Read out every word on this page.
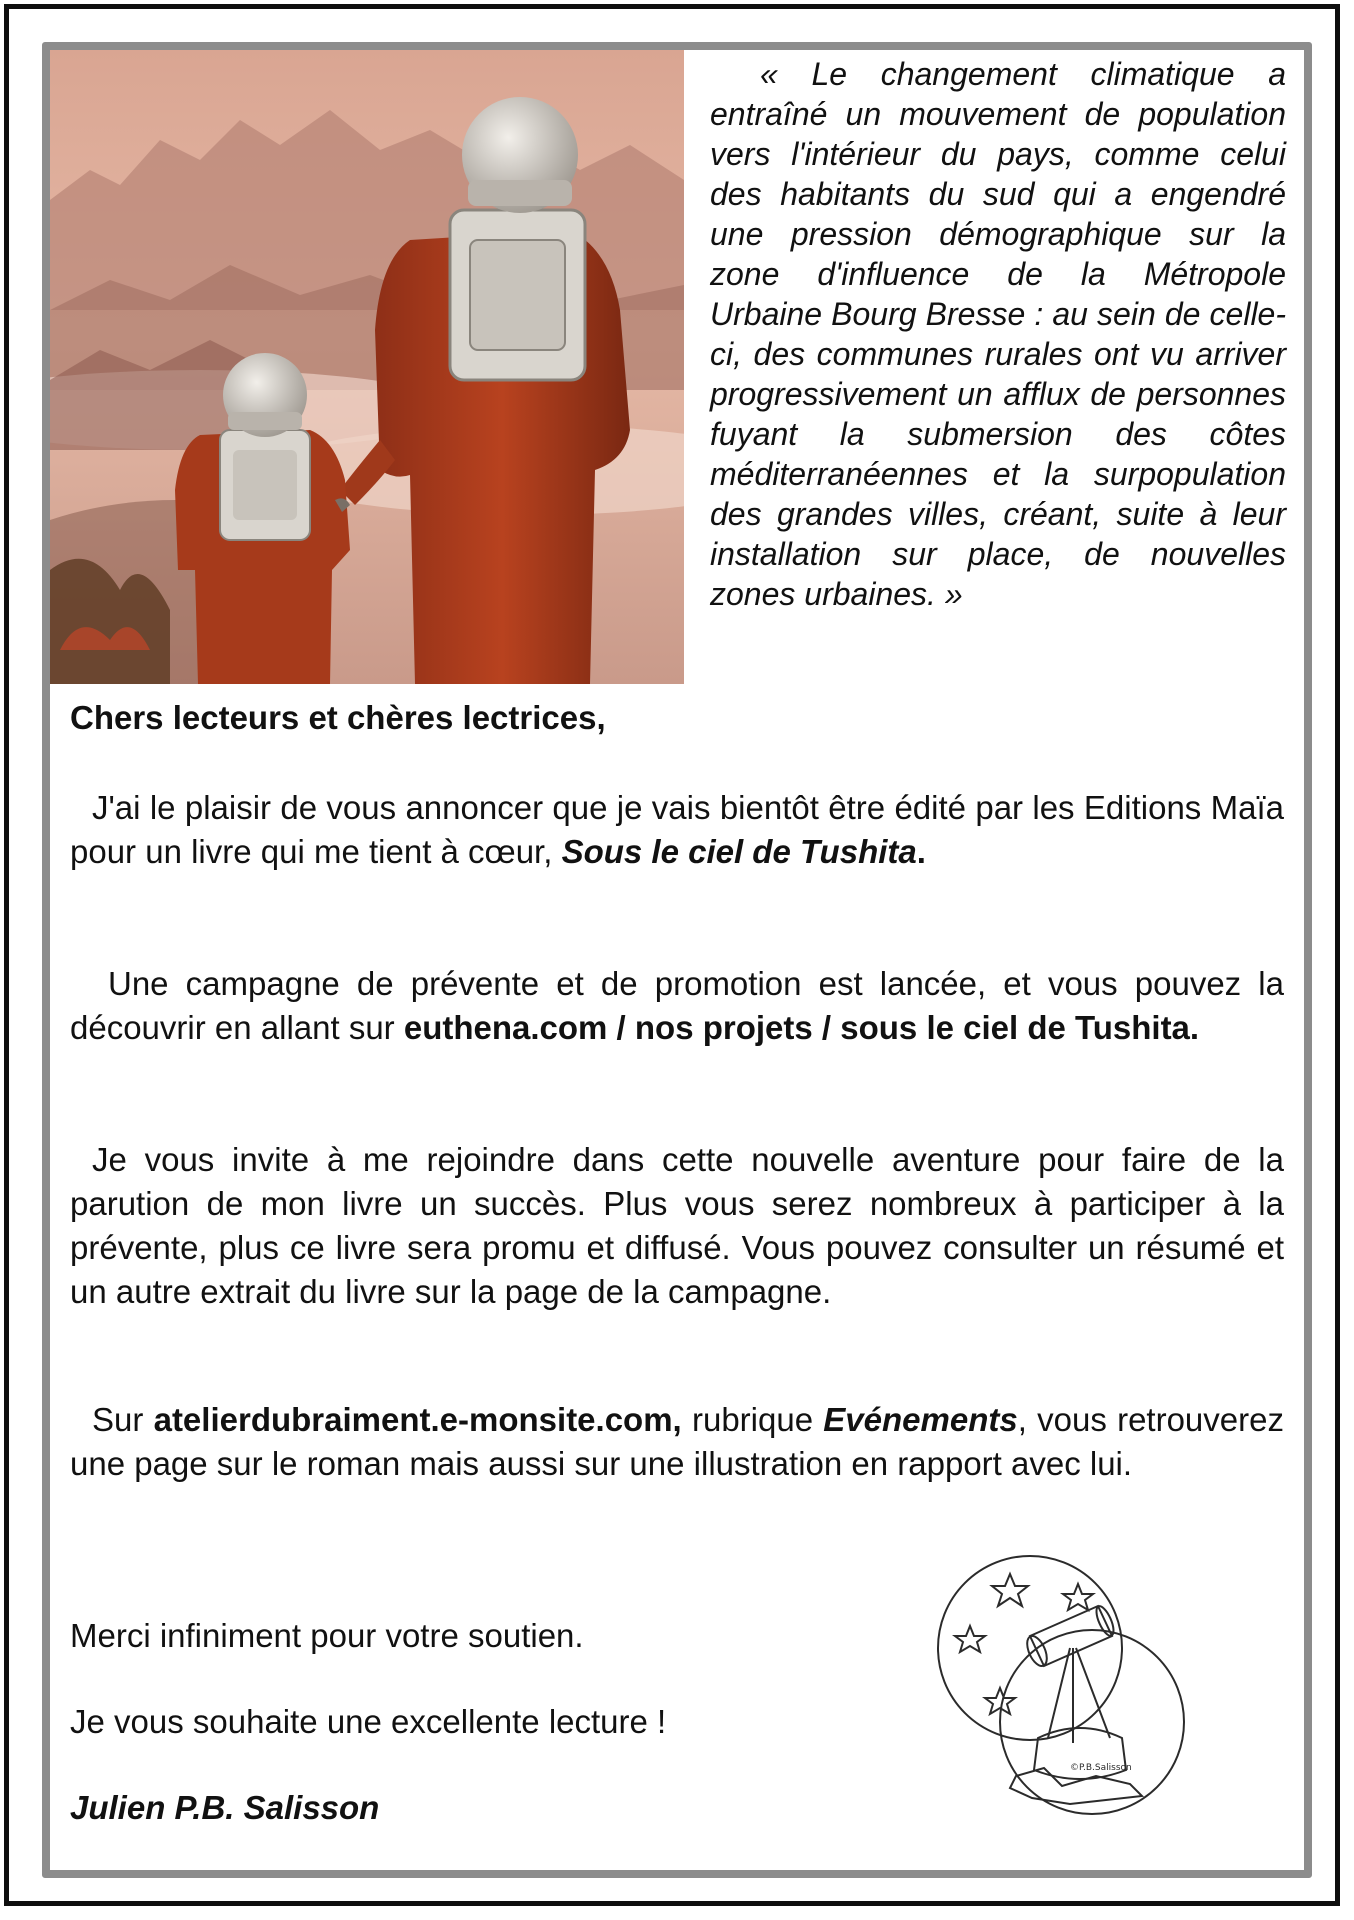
« Le changement climatique a entraîné un mouvement de population vers l'intérieur du pays, comme celui des habitants du sud qui a engendré une pression démographique sur la zone d'influence de la Métropole Urbaine Bourg Bresse : au sein de celle-ci, des communes rurales ont vu arriver progressivement un afflux de personnes fuyant la submersion des côtes méditerranéennes et la surpopulation des grandes villes, créant, suite à leur installation sur place, de nouvelles zones urbaines. »

Chers lecteurs et chères lectrices,

J'ai le plaisir de vous annoncer que je vais bientôt être édité par les Editions Maïa pour un livre qui me tient à cœur, Sous le ciel de Tushita.

Une campagne de prévente et de promotion est lancée, et vous pouvez la découvrir en allant sur euthena.com / nos projets / sous le ciel de Tushita.

Je vous invite à me rejoindre dans cette nouvelle aventure pour faire de la parution de mon livre un succès. Plus vous serez nombreux à participer à la prévente, plus ce livre sera promu et diffusé. Vous pouvez consulter un résumé et un autre extrait du livre sur la page de la campagne.

Sur atelierdubraiment.e-monsite.com, rubrique Evénements, vous retrouverez une page sur le roman mais aussi sur une illustration en rapport avec lui.

Merci infiniment pour votre soutien.

Je vous souhaite une excellente lecture !

Julien P.B. Salisson

©P.B.Salisson
